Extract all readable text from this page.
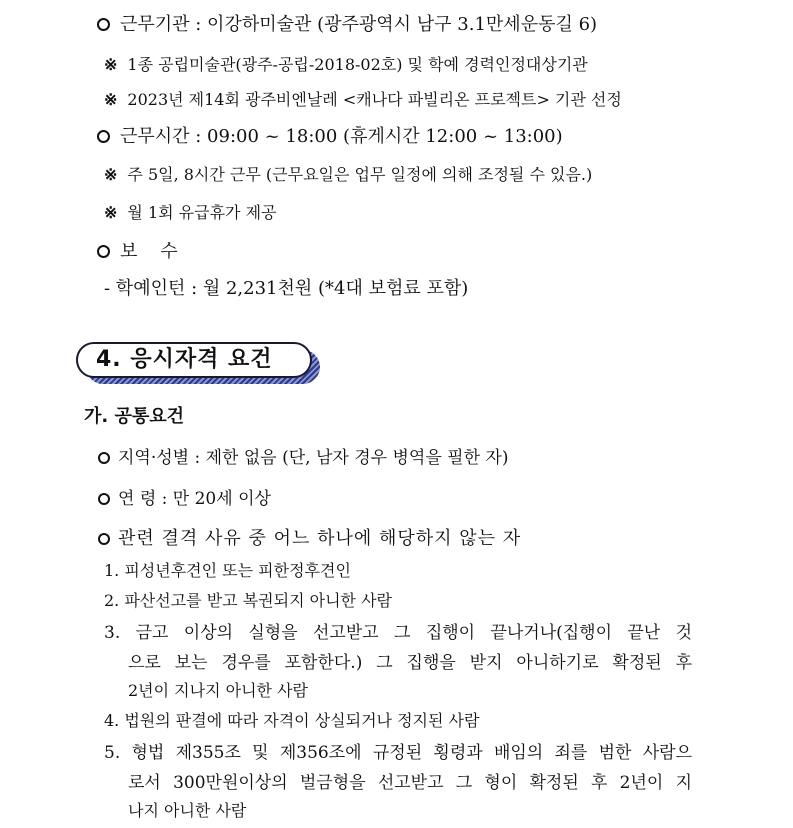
근무기관 : 이강하미술관 (광주광역시 남구 3.1만세운동길 6)
※ 1종 공립미술관(광주-공립-2018-02호) 및 학예 경력인정대상기관
※ 2023년 제14회 광주비엔날레 <캐나다 파빌리온 프로젝트> 기관 선정
근무시간 : 09:00 ~ 18:00 (휴게시간 12:00 ~ 13:00)
※ 주 5일, 8시간 근무 (근무요일은 업무 일정에 의해 조정될 수 있음.)
※ 월 1회 유급휴가 제공
보    수
- 학예인턴 : 월 2,231천원 (*4대 보험료 포함)
4. 응시자격 요건
가. 공통요건
지역·성별 : 제한 없음 (단, 남자 경우 병역을 필한 자)
연 령 : 만 20세 이상
관련 결격 사유 중 어느 하나에 해당하지 않는 자
1. 피성년후견인 또는 피한정후견인
2. 파산선고를 받고 복권되지 아니한 사람
3. 금고 이상의 실형을 선고받고 그 집행이 끝나거나(집행이 끝난 것
으로 보는 경우를 포함한다.) 그 집행을 받지 아니하기로 확정된 후
2년이 지나지 아니한 사람
4. 법원의 판결에 따라 자격이 상실되거나 정지된 사람
5. 형법 제355조 및 제356조에 규정된 횡령과 배임의 죄를 범한 사람으
로서 300만원이상의 벌금형을 선고받고 그 형이 확정된 후 2년이 지
나지 아니한 사람
